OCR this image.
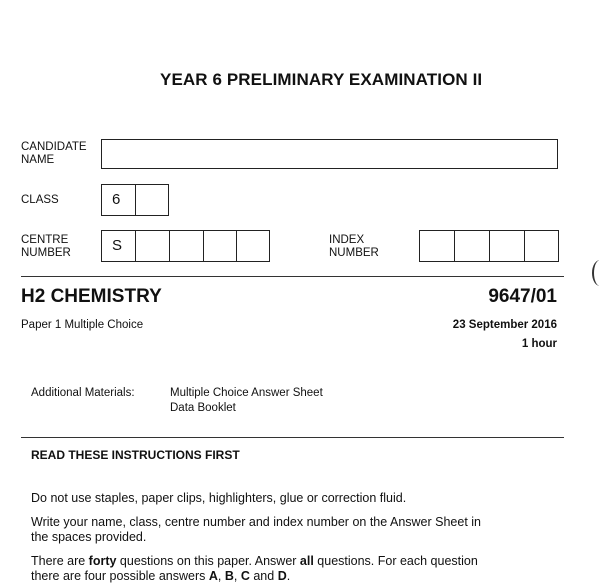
YEAR 6 PRELIMINARY EXAMINATION II
CANDIDATE
NAME
CLASS	6
CENTRE
NUMBER	S	INDEX
NUMBER
H2 CHEMISTRY	9647/01
Paper 1 Multiple Choice	23 September 2016
1 hour
Additional Materials:	Multiple Choice Answer Sheet
Data Booklet
READ THESE INSTRUCTIONS FIRST
Do not use staples, paper clips, highlighters, glue or correction fluid.
Write your name, class, centre number and index number on the Answer Sheet in
the spaces provided.
There are forty questions on this paper. Answer all questions. For each question
there are four possible answers A, B, C and D.
